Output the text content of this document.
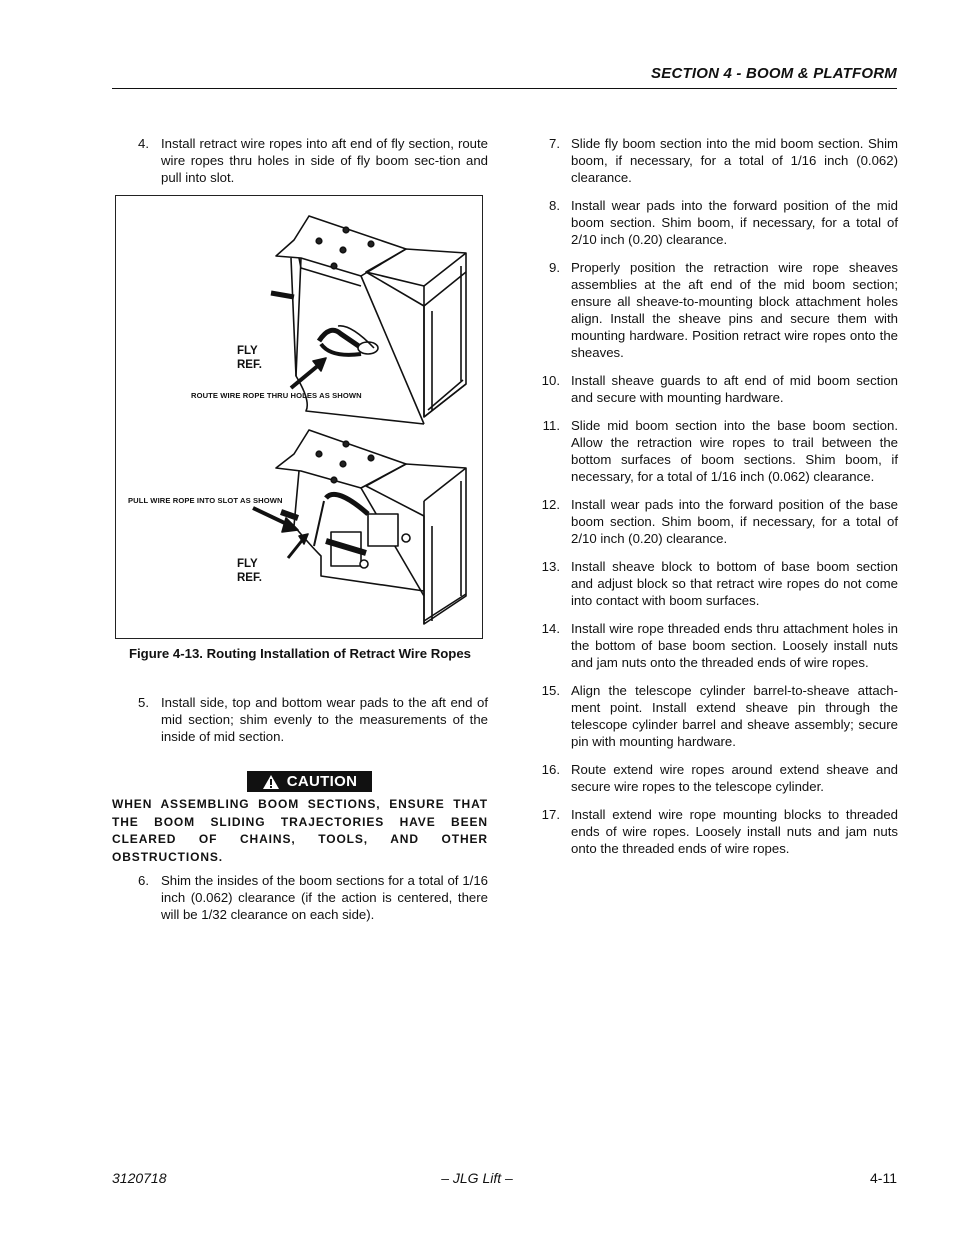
SECTION 4 - BOOM & PLATFORM
4. Install retract wire ropes into aft end of fly section, route wire ropes thru holes in side of fly boom sec-tion and pull into slot.
FLY
REF.
ROUTE WIRE ROPE THRU HOLES AS SHOWN
PULL WIRE ROPE INTO SLOT AS SHOWN
FLY
REF.
Figure 4-13. Routing Installation of Retract Wire Ropes
5. Install side, top and bottom wear pads to the aft end of mid section; shim evenly to the measurements of the inside of mid section.
CAUTION
WHEN ASSEMBLING BOOM SECTIONS, ENSURE THAT THE BOOM SLIDING TRAJECTORIES HAVE BEEN CLEARED OF CHAINS, TOOLS, AND OTHER OBSTRUCTIONS.
6. Shim the insides of the boom sections for a total of 1/16 inch (0.062) clearance (if the action is centered, there will be 1/32 clearance on each side).
7. Slide fly boom section into the mid boom section. Shim boom, if necessary, for a total of 1/16 inch (0.062) clearance.
8. Install wear pads into the forward position of the mid boom section. Shim boom, if necessary, for a total of 2/10 inch (0.20) clearance.
9. Properly position the retraction wire rope sheaves assemblies at the aft end of the mid boom section; ensure all sheave-to-mounting block attachment holes align. Install the sheave pins and secure them with mounting hardware. Position retract wire ropes onto the sheaves.
10. Install sheave guards to aft end of mid boom section and secure with mounting hardware.
11. Slide mid boom section into the base boom section. Allow the retraction wire ropes to trail between the bottom surfaces of boom sections. Shim boom, if necessary, for a total of 1/16 inch (0.062) clearance.
12. Install wear pads into the forward position of the base boom section. Shim boom, if necessary, for a total of 2/10 inch (0.20) clearance.
13. Install sheave block to bottom of base boom section and adjust block so that retract wire ropes do not come into contact with boom surfaces.
14. Install wire rope threaded ends thru attachment holes in the bottom of base boom section. Loosely install nuts and jam nuts onto the threaded ends of wire ropes.
15. Align the telescope cylinder barrel-to-sheave attach-ment point. Install extend sheave pin through the telescope cylinder barrel and sheave assembly; secure pin with mounting hardware.
16. Route extend wire ropes around extend sheave and secure wire ropes to the telescope cylinder.
17. Install extend wire rope mounting blocks to threaded ends of wire ropes. Loosely install nuts and jam nuts onto the threaded ends of wire ropes.
3120718	– JLG Lift –	4-11
